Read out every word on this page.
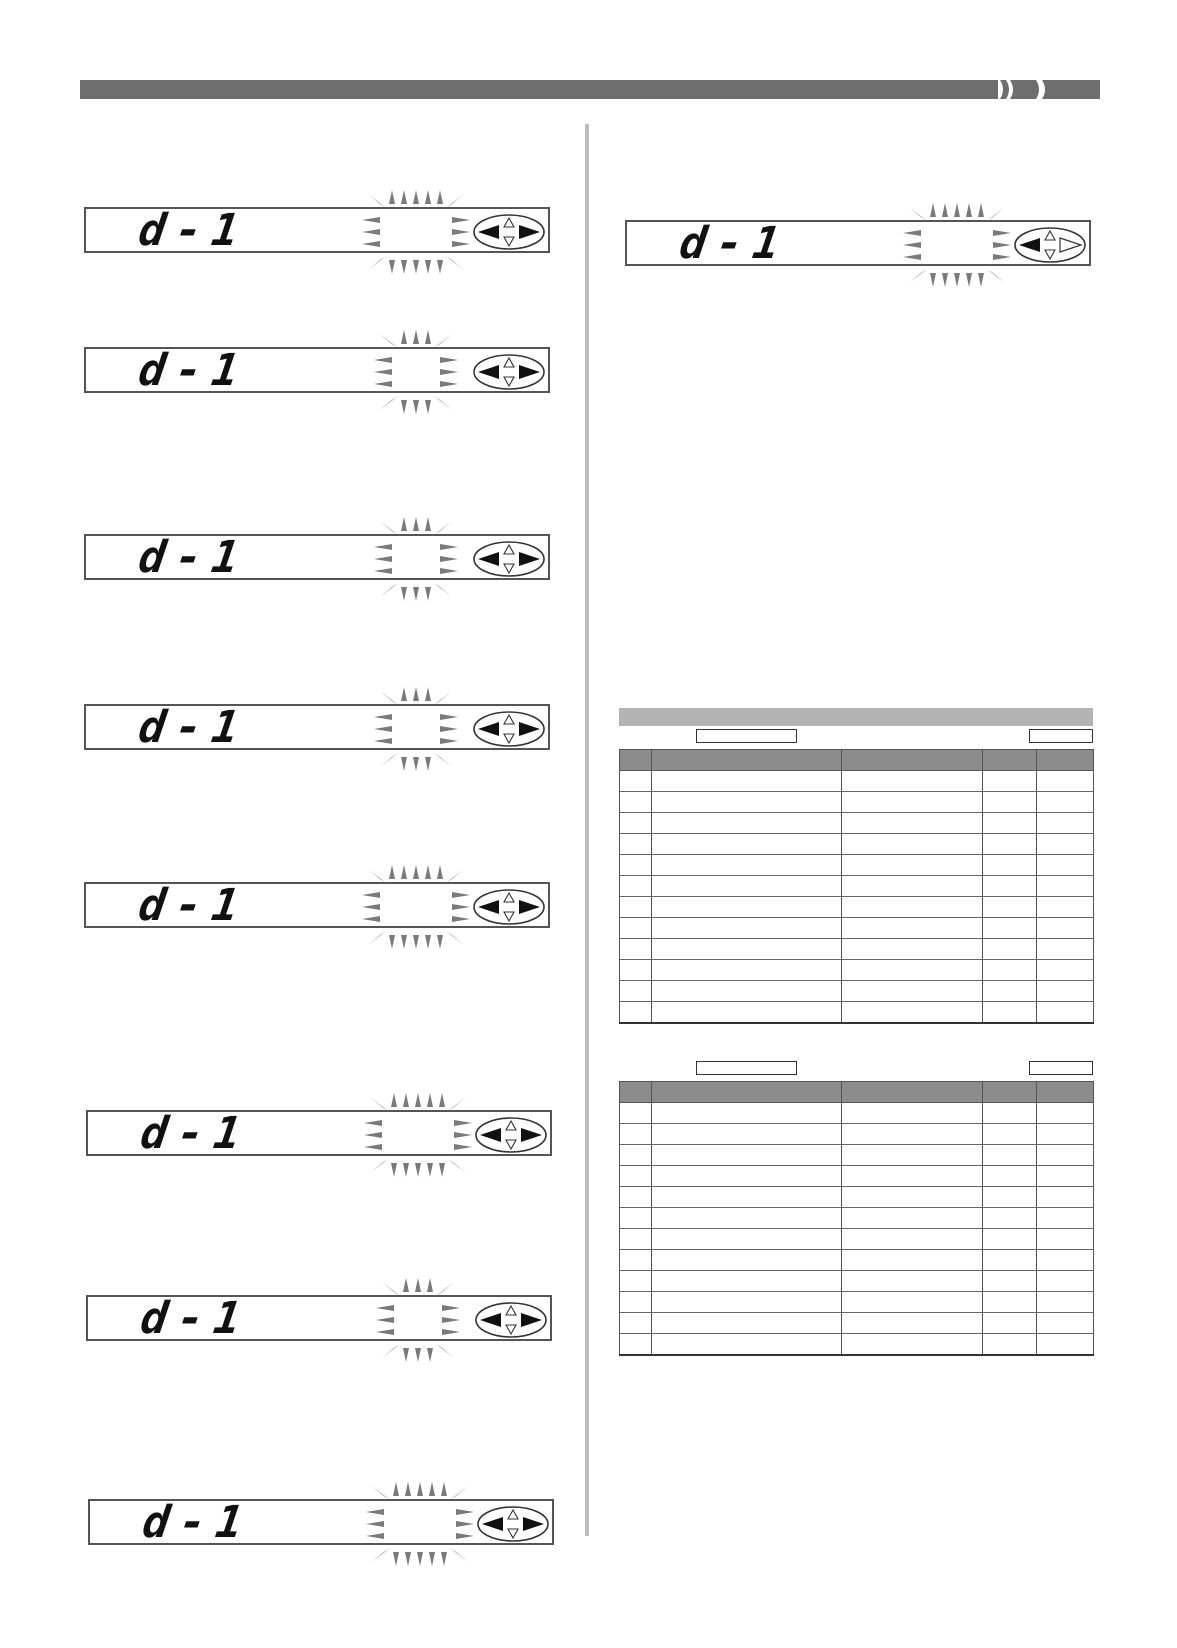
d-1
d-1
d-1
d-1
d-1
d-1
d-1
d-1
d-1
